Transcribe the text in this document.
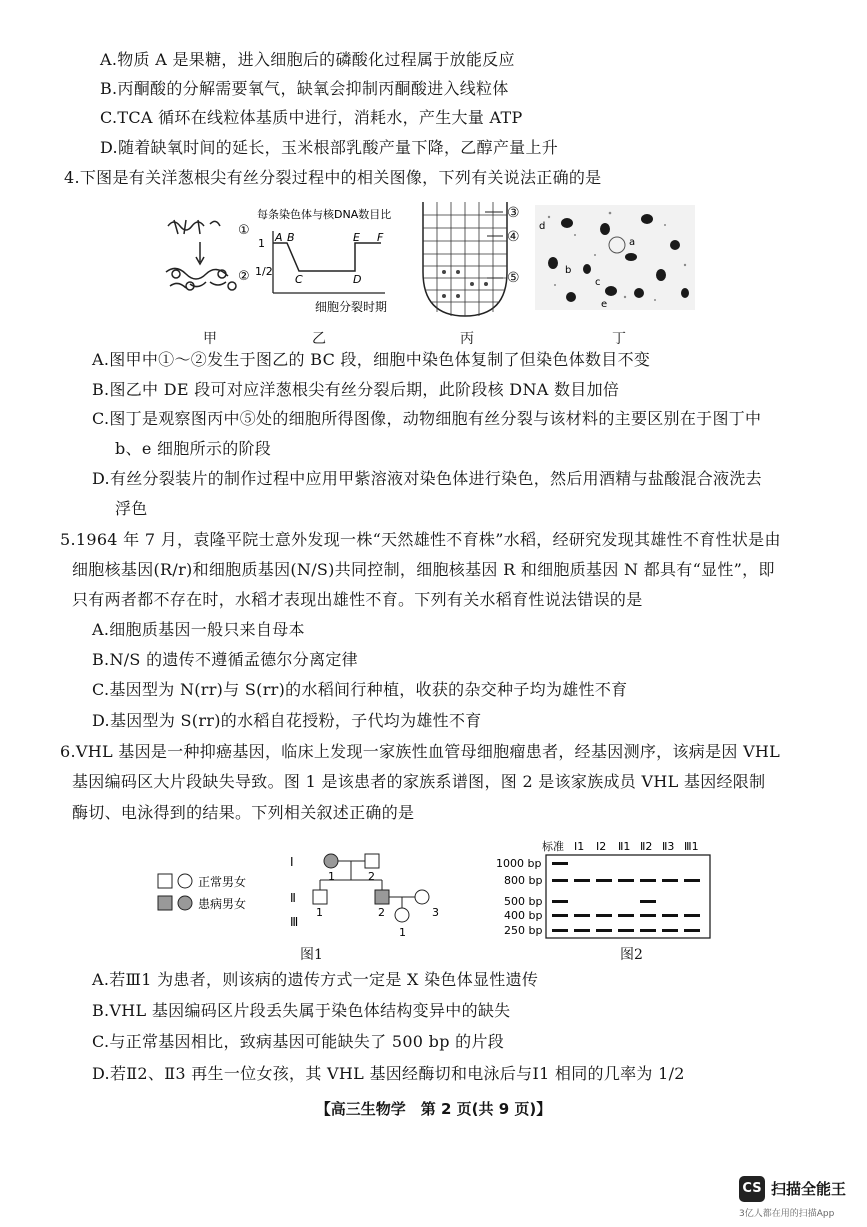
A.物质 A 是果糖，进入细胞后的磷酸化过程属于放能反应
B.丙酮酸的分解需要氧气，缺氧会抑制丙酮酸进入线粒体
C.TCA 循环在线粒体基质中进行，消耗水，产生大量 ATP
D.随着缺氧时间的延长，玉米根部乳酸产量下降，乙醇产量上升
4.下图是有关洋葱根尖有丝分裂过程中的相关图像，下列有关说法正确的是
①
②
每条染色体与核DNA数目比
1
1/2
A B
C	D
E F
细胞分裂时期
③
④
⑤
a
b
c
d
e
甲	乙	丙	丁
A.图甲中①～②发生于图乙的 BC 段，细胞中染色体复制了但染色体数目不变
B.图乙中 DE 段可对应洋葱根尖有丝分裂后期，此阶段核 DNA 数目加倍
C.图丁是观察图丙中⑤处的细胞所得图像，动物细胞有丝分裂与该材料的主要区别在于图丁中
b、e 细胞所示的阶段
D.有丝分裂装片的制作过程中应用甲紫溶液对染色体进行染色，然后用酒精与盐酸混合液洗去
浮色
5.1964 年 7 月，袁隆平院士意外发现一株“天然雄性不育株”水稻，经研究发现其雄性不育性状是由
细胞核基因(R/r)和细胞质基因(N/S)共同控制，细胞核基因 R 和细胞质基因 N 都具有“显性”，即
只有两者都不存在时，水稻才表现出雄性不育。下列有关水稻育性说法错误的是
A.细胞质基因一般只来自母本
B.N/S 的遗传不遵循孟德尔分离定律
C.基因型为 N(rr)与 S(rr)的水稻间行种植，收获的杂交种子均为雄性不育
D.基因型为 S(rr)的水稻自花授粉，子代均为雄性不育
6.VHL 基因是一种抑癌基因，临床上发现一家族性血管母细胞瘤患者，经基因测序，该病是因 VHL
基因编码区大片段缺失导致。图 1 是该患者的家族系谱图，图 2 是该家族成员 VHL 基因经限制
酶切、电泳得到的结果。下列相关叙述正确的是
正常男女
患病男女
Ⅰ
Ⅱ
Ⅲ
1	2
1	2	3
1
图1
标准 Ⅰ1 Ⅰ2 Ⅱ1 Ⅱ2 Ⅱ3 Ⅲ1
1000 bp
800 bp
500 bp
400 bp
250 bp
图2
A.若Ⅲ1 为患者，则该病的遗传方式一定是 X 染色体显性遗传
B.VHL 基因编码区片段丢失属于染色体结构变异中的缺失
C.与正常基因相比，致病基因可能缺失了 500 bp 的片段
D.若Ⅱ2、Ⅱ3 再生一位女孩，其 VHL 基因经酶切和电泳后与Ⅰ1 相同的几率为 1/2
【高三生物学　第 2 页(共 9 页)】
CS 扫描全能王
3亿人都在用的扫描App
